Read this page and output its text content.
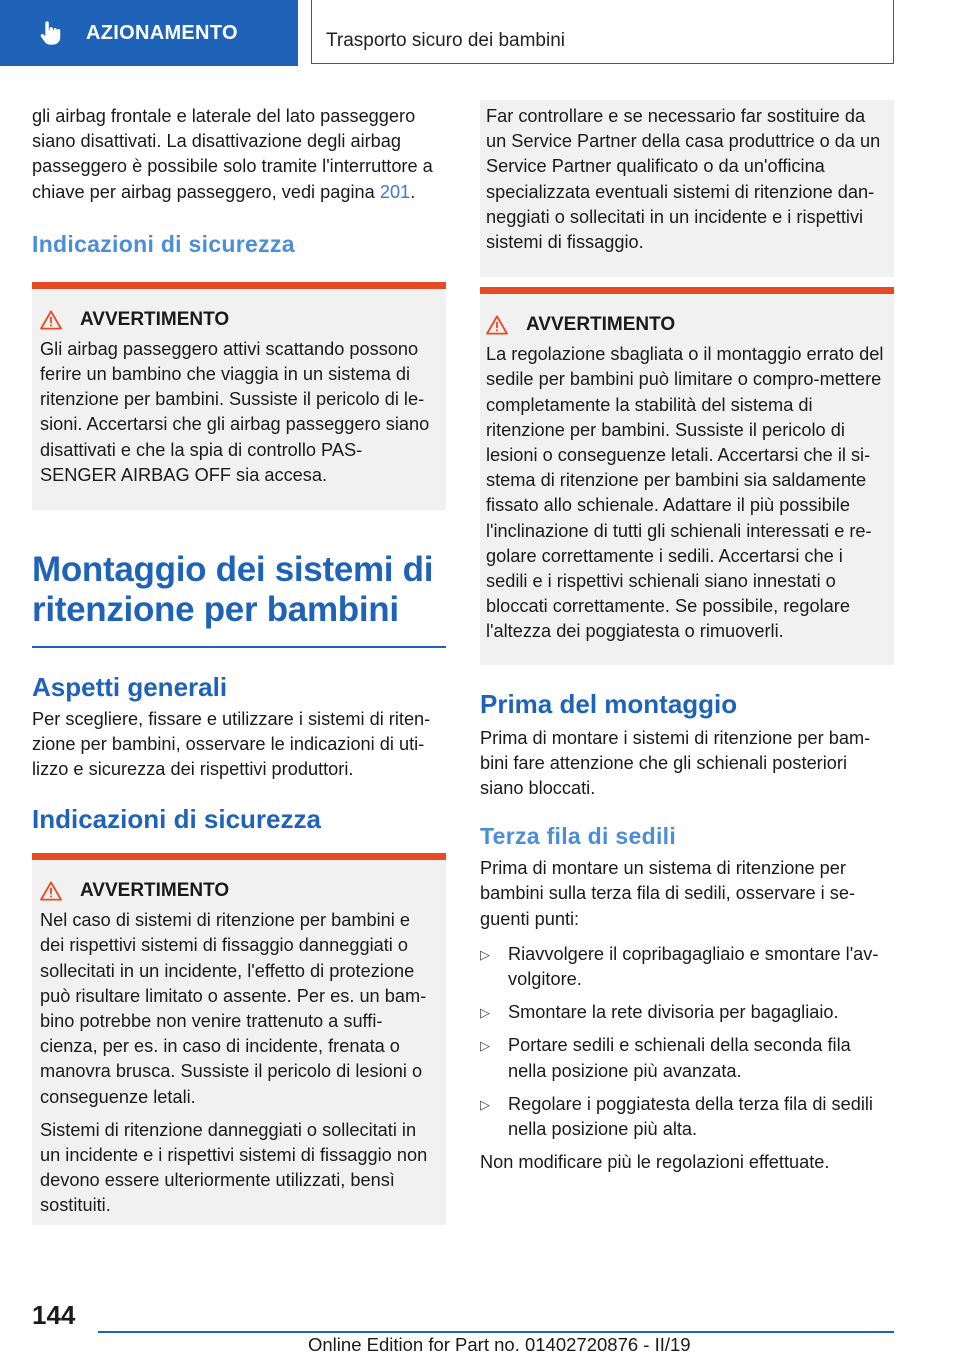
AZIONAMENTO	Trasporto sicuro dei bambini

gli airbag frontale e laterale del lato passeggero siano disattivati. La disattivazione degli airbag passeggero è possibile solo tramite l'interruttore a chiave per airbag passeggero, vedi pagina 201.

Indicazioni di sicurezza
AVVERTIMENTO

Gli airbag passeggero attivi scattando possono ferire un bambino che viaggia in un sistema di ritenzione per bambini. Sussiste il pericolo di le-sioni. Accertarsi che gli airbag passeggero siano disattivati e che la spia di controllo PAS-SENGER AIRBAG OFF sia accesa.

Montaggio dei sistemi di ritenzione per bambini
Aspetti generali

Per scegliere, fissare e utilizzare i sistemi di riten-zione per bambini, osservare le indicazioni di uti-lizzo e sicurezza dei rispettivi produttori.

Indicazioni di sicurezza
AVVERTIMENTO

Nel caso di sistemi di ritenzione per bambini e dei rispettivi sistemi di fissaggio danneggiati o sollecitati in un incidente, l'effetto di protezione può risultare limitato o assente. Per es. un bam-bino potrebbe non venire trattenuto a suffi-cienza, per es. in caso di incidente, frenata o manovra brusca. Sussiste il pericolo di lesioni o conseguenze letali.

Sistemi di ritenzione danneggiati o sollecitati in un incidente e i rispettivi sistemi di fissaggio non devono essere ulteriormente utilizzati, bensì sostituiti.

Far controllare e se necessario far sostituire da un Service Partner della casa produttrice o da un Service Partner qualificato o da un'officina specializzata eventuali sistemi di ritenzione dan-neggiati o sollecitati in un incidente e i rispettivi sistemi di fissaggio.

AVVERTIMENTO

La regolazione sbagliata o il montaggio errato del sedile per bambini può limitare o compro-mettere completamente la stabilità del sistema di ritenzione per bambini. Sussiste il pericolo di lesioni o conseguenze letali. Accertarsi che il si-stema di ritenzione per bambini sia saldamente fissato allo schienale. Adattare il più possibile l'inclinazione di tutti gli schienali interessati e re-golare correttamente i sedili. Accertarsi che i sedili e i rispettivi schienali siano innestati o bloccati correttamente. Se possibile, regolare l'altezza dei poggiatesta o rimuoverli.

Prima del montaggio

Prima di montare i sistemi di ritenzione per bam-bini fare attenzione che gli schienali posteriori siano bloccati.

Terza fila di sedili

Prima di montare un sistema di ritenzione per bambini sulla terza fila di sedili, osservare i se-guenti punti:

▷ Riavvolgere il copribagagliaio e smontare l'av-volgitore.
▷ Smontare la rete divisoria per bagagliaio.
▷ Portare sedili e schienali della seconda fila nella posizione più avanzata.
▷ Regolare i poggiatesta della terza fila di sedili nella posizione più alta.

Non modificare più le regolazioni effettuate.

144
Online Edition for Part no. 01402720876 - II/19
